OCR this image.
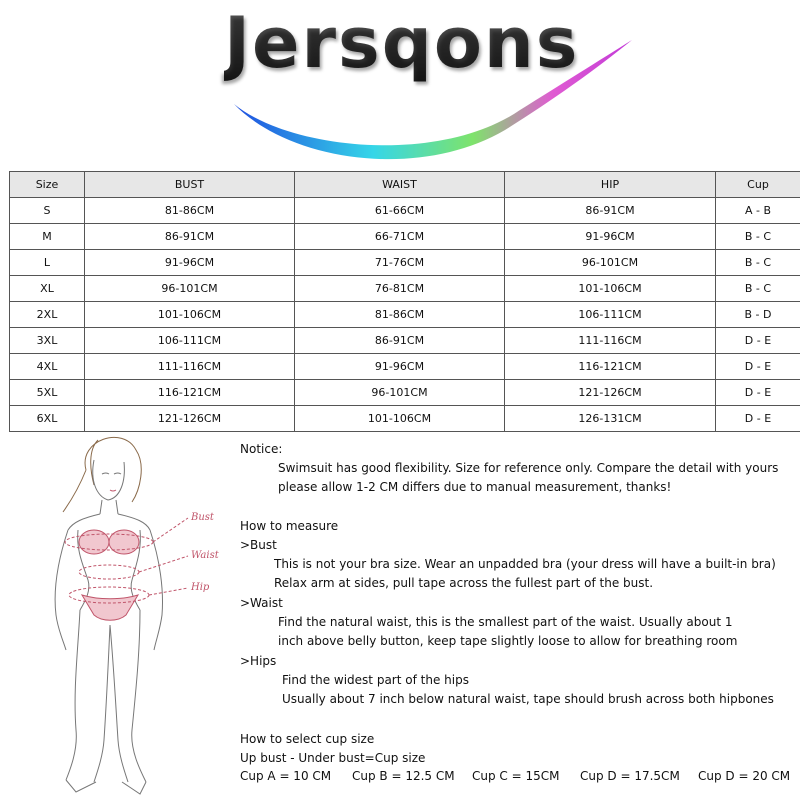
Jersqons
Size	BUST	WAIST	HIP	Cup
S	81-86CM	61-66CM	86-91CM	A - B
M	86-91CM	66-71CM	91-96CM	B - C
L	91-96CM	71-76CM	96-101CM	B - C
XL	96-101CM	76-81CM	101-106CM	B - C
2XL	101-106CM	81-86CM	106-111CM	B - D
3XL	106-111CM	86-91CM	111-116CM	D - E
4XL	111-116CM	91-96CM	116-121CM	D - E
5XL	116-121CM	96-101CM	121-126CM	D - E
6XL	121-126CM	101-106CM	126-131CM	D - E
Bust
Waist
Hip
Notice:
Swimsuit has good flexibility. Size for reference only. Compare the detail with yours
please allow 1-2 CM differs due to manual measurement, thanks!
How to measure
>Bust
This is not your bra size. Wear an unpadded bra (your dress will have a built-in bra)
Relax arm at sides, pull tape across the fullest part of the bust.
>Waist
Find the natural waist, this is the smallest part of the waist. Usually about 1
inch above belly button, keep tape slightly loose to allow for breathing room
>Hips
Find the widest part of the hips
Usually about 7 inch below natural waist, tape should brush across both hipbones
How to select cup size
Up bust - Under bust=Cup size
Cup A = 10 CM Cup B = 12.5 CM Cup C = 15CM Cup D = 17.5CM Cup D = 20 CM
